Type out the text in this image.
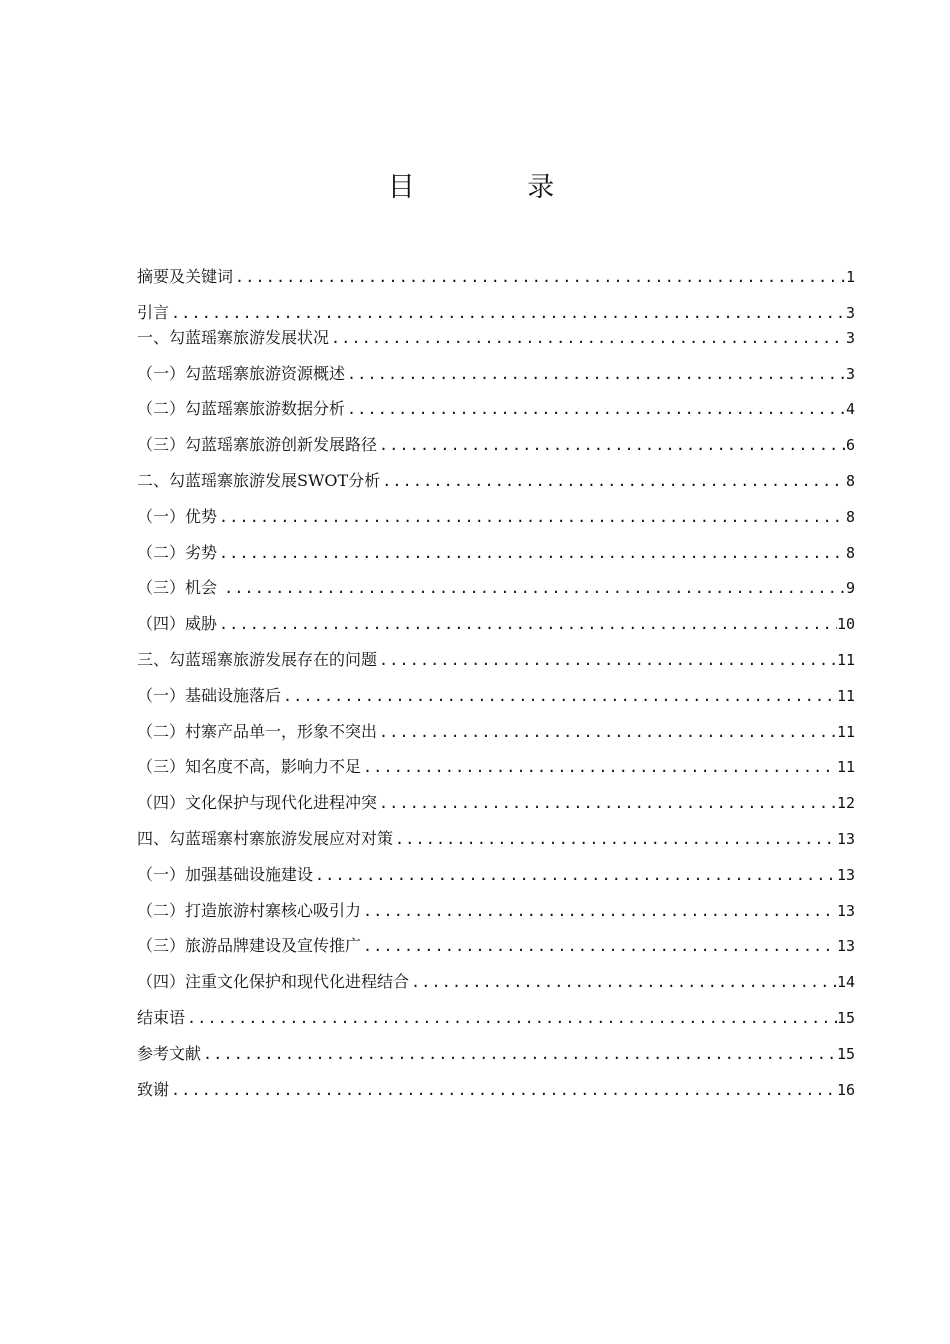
目 录
摘要及关键词 .....	1
引言 .....	3
一、勾蓝瑶寨旅游发展状况 .....	3
（一）勾蓝瑶寨旅游资源概述 .....	3
（二）勾蓝瑶寨旅游数据分析 .....	4
（三）勾蓝瑶寨旅游创新发展路径 .....	6
二、勾蓝瑶寨旅游发展SWOT分析 .....	8
（一）优势 .....	8
（二）劣势 .....	8
（三）机会 .....	9
（四）威胁 .....	10
三、勾蓝瑶寨旅游发展存在的问题 .....	11
（一）基础设施落后 .....	11
（二）村寨产品单一，形象不突出 .....	11
（三）知名度不高，影响力不足 .....	11
（四）文化保护与现代化进程冲突 .....	12
四、勾蓝瑶寨村寨旅游发展应对对策 .....	13
（一）加强基础设施建设 .....	13
（二）打造旅游村寨核心吸引力 .....	13
（三）旅游品牌建设及宣传推广 .....	13
（四）注重文化保护和现代化进程结合 .....	14
结束语 .....	15
参考文献 .....	15
致谢 .....	16
